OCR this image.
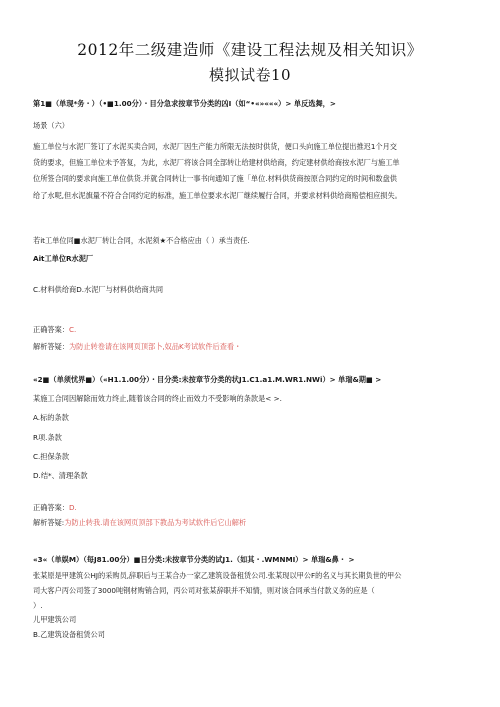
2012年二级建造师《建设工程法规及相关知识》
模拟试卷10
第1■（单现*务・）（•■1.00分）・目分急求按章节分类的凶I（如“•«»«««）> 单反选舞，>
场景（六）
施工单位与水泥厂签订了水泥买卖合同，水泥厂因生产能力所限无法按时供货，便口头向施工单位提出推迟1个月交
货的要求，但施工单位未予答复，为此，水泥厂将该合同全部转让给建材供给商，约定建材供给商按水泥厂与施工单
位所签合同的要求向施工单位供货.并就合同转让一事书向通知了施「单位.材料供货商按原合同约定的时间和数盘供
给了水呢,但水泥旗量不符合合同约定的标准，施工单位要求水泥厂继续履行合同，并要求材料供给商赔偿相应损失。
若it工单位同■水泥厂转让合同，水泥须★不合格应由（ ）承当责任.
Ait工单位R水泥厂
C.材料供给商D.水泥厂与材料供给商共同
正确答案：C.
解析答疑：为防止转卷请在该网页顶部卜,奴品K考试软件后查看・
«2■（单须忧界■）（«H1.1.00分）・目分类:未按章节分类的状J1.C1.a1.M.WR1.NWi）> 单瑞&期■ >
某施工合同因解除而效力终止,随着该合同的终止而效力不受影响的条款是< >.
A.标的条款
R项.条款
C.担保条款
D.结*、清理条款
正确答案：D.
解析答疑:为防止转我.请在该网页顶部下教品为考试软件后它山解析
«3«（单娱M）（每J81.00分）■日分类:未按章节分类的试J1.（如其・.WMNMI）> 单瑞&鼻・ >
张某原是甲建筑公HJ的采购员,辞职后与王某合办一家乙建筑设备租赁公司.张某现以甲公F的名义与其长期负世的甲公
司大客户丙公司签了3000吨钢材购销合同，丙公司对张某辞职并不知情，则对该合同承当付款义务的应是（
）.
儿甲建筑公司
B.乙建筑设备租赁公司
